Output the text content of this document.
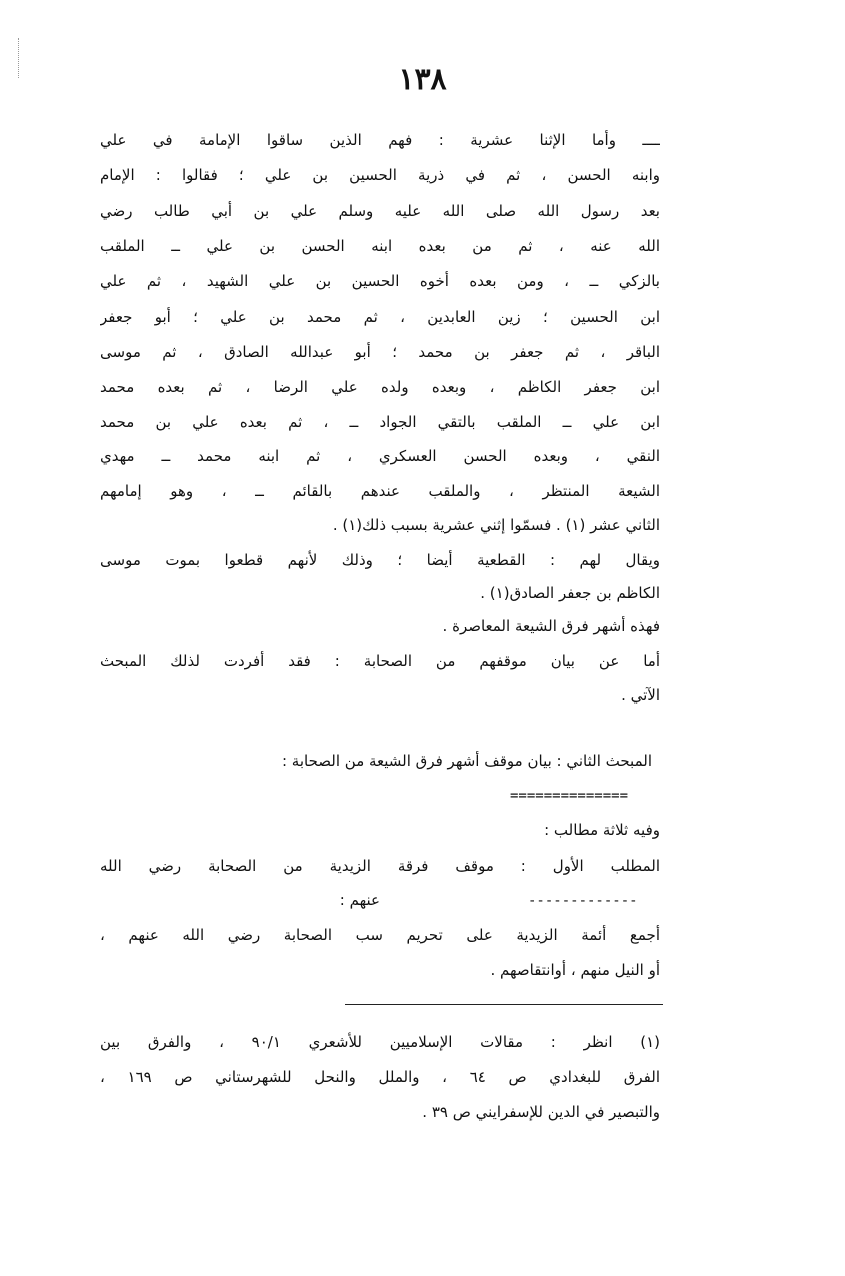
١٣٨
ــــ وأما الإثنا عشرية : فهم الذين ساقوا الإمامة في علي
وابنه الحسن ، ثم في ذرية الحسين بن علي ؛ فقالوا : الإمام
بعد رسول الله صلى الله عليه وسلم علي بن أبي طالب رضي
الله عنه ، ثم من بعده ابنه الحسن بن علي ــ الملقب
بالزكي ــ ، ومن بعده أخوه الحسين بن علي الشهيد ، ثم علي
ابن الحسين ؛ زين العابدين ، ثم محمد بن علي ؛ أبو جعفر
الباقر ، ثم جعفر بن محمد ؛ أبو عبدالله الصادق ، ثم موسى
ابن جعفر الكاظم ، وبعده ولده علي الرضا ، ثم بعده محمد
ابن علي ــ الملقب بالتقي الجواد ــ ، ثم بعده علي بن محمد
النقي ، وبعده الحسن العسكري ، ثم ابنه محمد ــ مهدي
الشيعة المنتظر ، والملقب عندهم بالقائم ــ ، وهو إمامهم
الثاني عشر (١) . فسمّوا إثني عشرية بسبب ذلك(١) .
ويقال لهم : القطعية أيضا ؛ وذلك لأنهم قطعوا بموت موسى
الكاظم بن جعفر الصادق(١) .
فهذه أشهر فرق الشيعة المعاصرة .
أما عن بيان موقفهم من الصحابة : فقد أفردت لذلك المبحث
الآتي .
المبحث الثاني : بيان موقف أشهر فرق الشيعة من الصحابة :
==============
وفيه ثلاثة مطالب :
المطلب الأول : موقف فرقة الزيدية من الصحابة رضي الله
-------------
عنهم :
أجمع أئمة الزيدية على تحريم سب الصحابة رضي الله عنهم ،
أو النيل منهم ، أوانتقاصهم .
(١) انظر : مقالات الإسلاميين للأشعري ٩٠/١ ، والفرق بين
الفرق للبغدادي ص ٦٤ ، والملل والنحل للشهرستاني ص ١٦٩ ،
والتبصير في الدين للإسفرايني ص ٣٩ .
